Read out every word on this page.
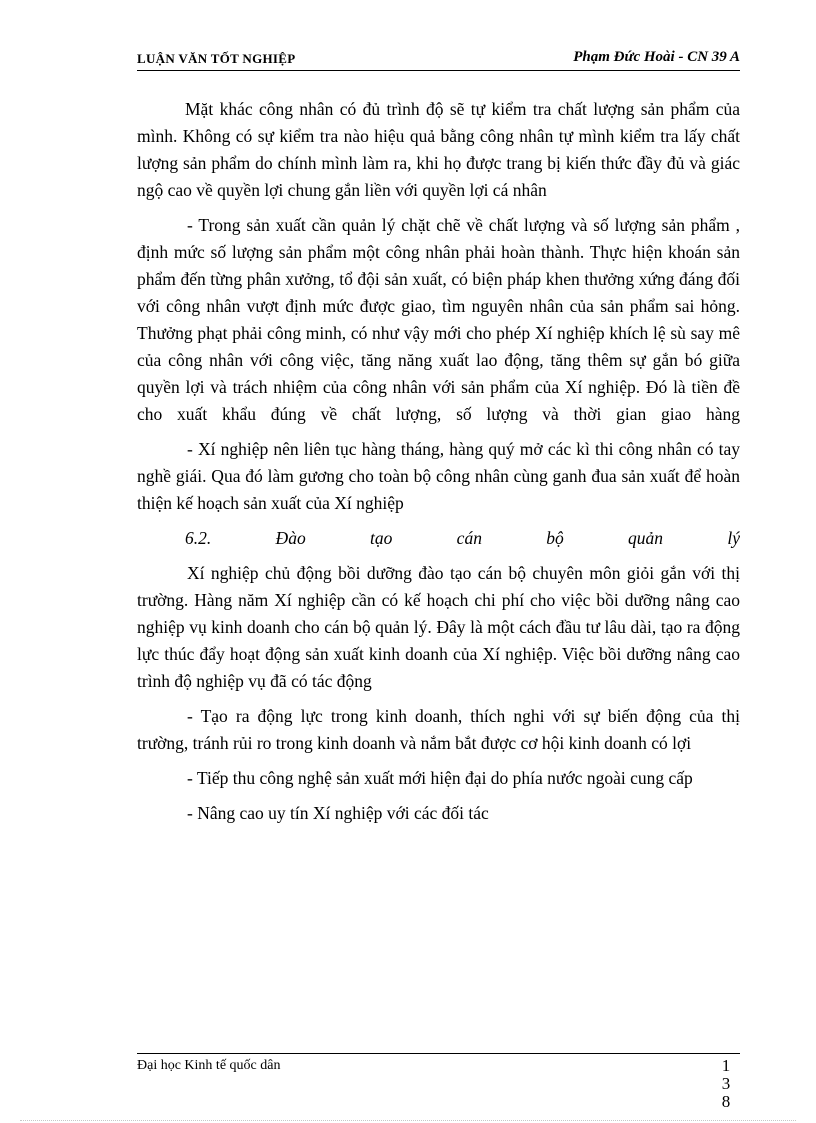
LUẬN VĂN TỐT NGHIỆP	Phạm Đức Hoài - CN 39 A

Mặt khác công nhân có đủ trình độ sẽ tự kiểm tra chất lượng sản phẩm của mình. Không có sự kiểm tra nào hiệu quả bằng công nhân tự mình kiểm tra lấy chất lượng sản phẩm do chính mình làm ra, khi họ được trang bị kiến thức đầy đủ và giác ngộ cao về quyền lợi chung gắn liền với quyền lợi cá nhân

- Trong sản xuất cần quản lý chặt chẽ về chất lượng và số lượng sản phẩm , định mức số lượng sản phẩm một công nhân phải hoàn thành. Thực hiện khoán sản phẩm đến từng phân xưởng, tổ đội sản xuất, có biện pháp khen thưởng xứng đáng đối với công nhân vượt định mức được giao, tìm nguyên nhân của sản phẩm sai hỏng. Thưởng phạt phải công minh, có như vậy mới cho phép Xí nghiệp khích lệ sù say mê của công nhân với công việc, tăng năng xuất lao động, tăng thêm sự gắn bó giữa quyền lợi và trách nhiệm của công nhân với sản phẩm của Xí nghiệp. Đó là tiền đề cho xuất khẩu đúng về chất lượng, số lượng và thời gian giao hàng

- Xí nghiệp nên liên tục hàng tháng, hàng quý mở các kì thi công nhân có tay nghề giái. Qua đó làm gương cho toàn bộ công nhân cùng ganh đua sản xuất để hoàn thiện kế hoạch sản xuất của Xí nghiệp

6.2. Đào tạo cán bộ quản lý

Xí nghiệp chủ động bồi dưỡng đào tạo cán bộ chuyên môn giỏi gắn với thị trường. Hàng năm Xí nghiệp cần có kế hoạch chi phí cho việc bồi dưỡng nâng cao nghiệp vụ kinh doanh cho cán bộ quản lý. Đây là một cách đầu tư lâu dài, tạo ra động lực thúc đẩy hoạt động sản xuất kinh doanh của Xí nghiệp. Việc bồi dưỡng nâng cao trình độ nghiệp vụ đã có tác động

- Tạo ra động lực trong kinh doanh, thích nghi với sự biến động của thị trường, tránh rủi ro trong kinh doanh và nắm bắt được cơ hội kinh doanh có lợi

- Tiếp thu công nghệ sản xuất mới hiện đại do phía nước ngoài cung cấp

- Nâng cao uy tín Xí nghiệp với các đối tác

Đại học Kinh tế quốc dân	1
3
8
